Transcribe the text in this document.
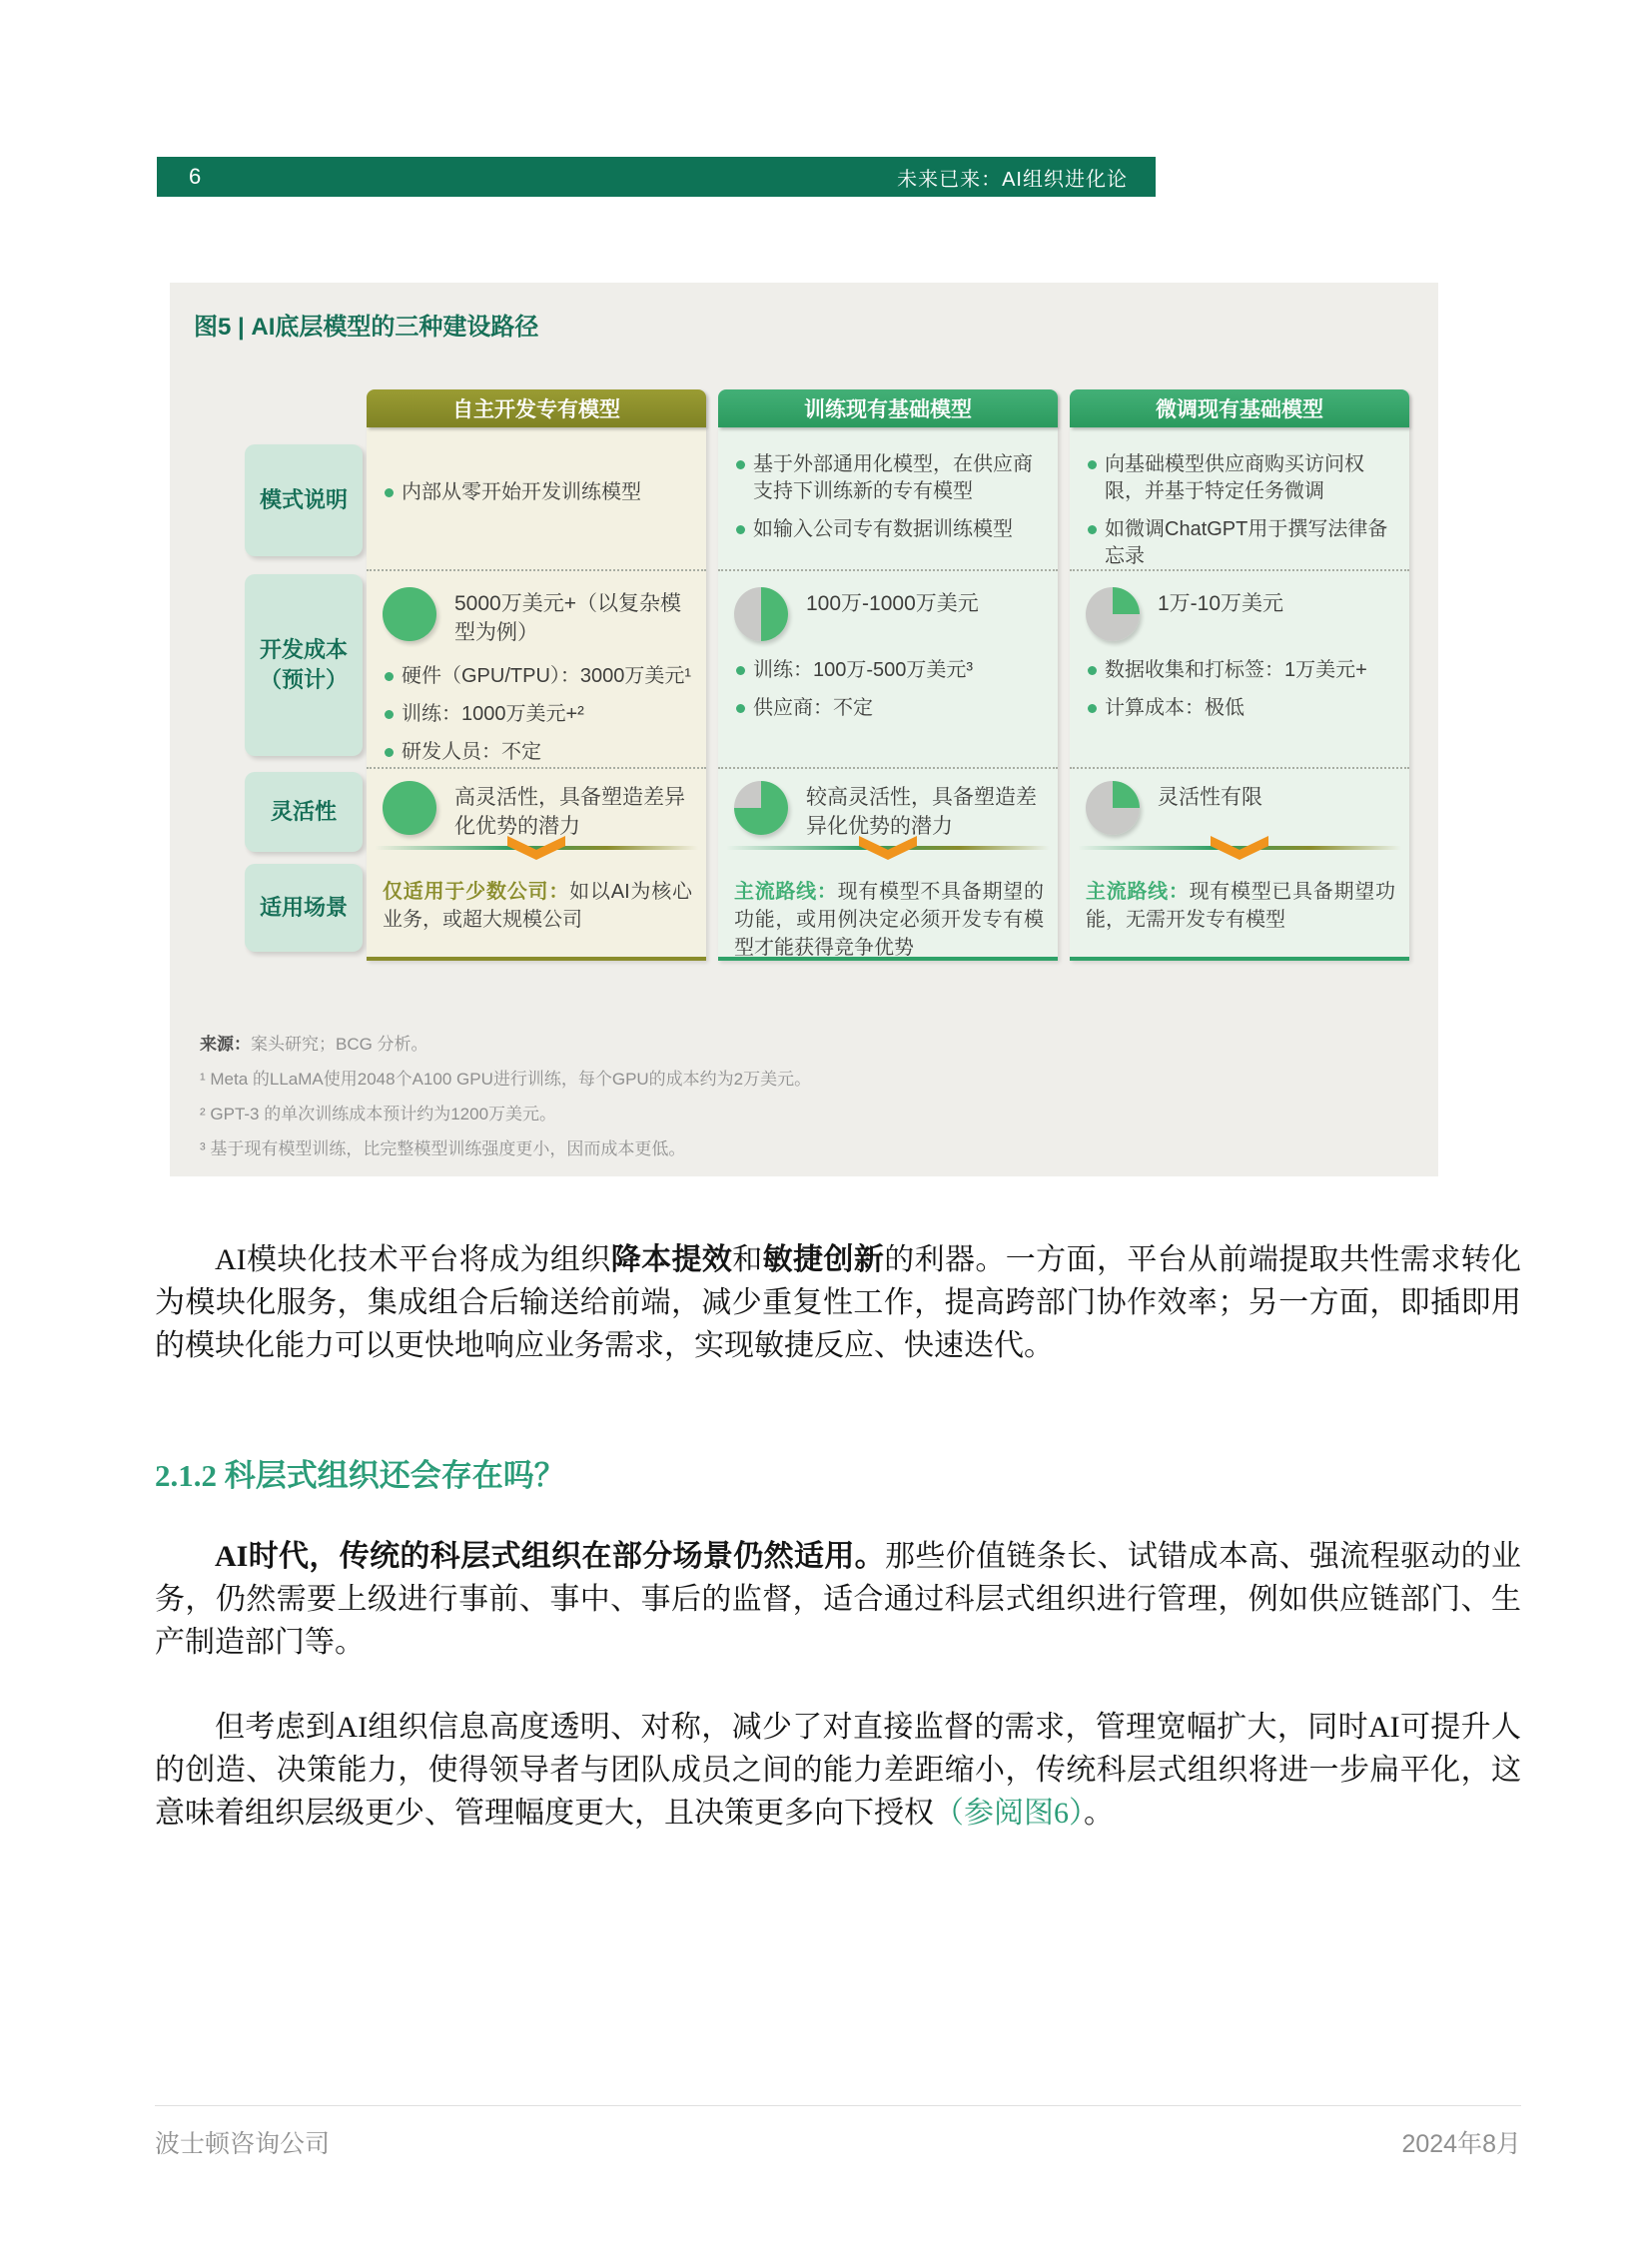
6	未来已来：AI组织进化论
图5 | AI底层模型的三种建设路径
模式说明
开发成本
（预计）
灵活性
适用场景
自主开发专有模型
内部从零开始开发训练模型
5000万美元+（以复杂模型为例）
硬件（GPU/TPU）：3000万美元¹
训练：1000万美元+²
研发人员：不定
高灵活性，具备塑造差异化优势的潜力
仅适用于少数公司：如以AI为核心业务，或超大规模公司
训练现有基础模型
基于外部通用化模型，在供应商支持下训练新的专有模型
如输入公司专有数据训练模型
100万-1000万美元
训练：100万-500万美元³
供应商：不定
较高灵活性，具备塑造差异化优势的潜力
主流路线：现有模型不具备期望的功能，或用例决定必须开发专有模型才能获得竞争优势
微调现有基础模型
向基础模型供应商购买访问权限，并基于特定任务微调
如微调ChatGPT用于撰写法律备忘录
1万-10万美元
数据收集和打标签：1万美元+
计算成本：极低
灵活性有限
主流路线：现有模型已具备期望功能，无需开发专有模型
来源：案头研究；BCG 分析。
¹ Meta 的LLaMA使用2048个A100 GPU进行训练，每个GPU的成本约为2万美元。
² GPT-3 的单次训练成本预计约为1200万美元。
³ 基于现有模型训练，比完整模型训练强度更小，因而成本更低。
AI模块化技术平台将成为组织降本提效和敏捷创新的利器。一方面，平台从前端提取共性需求转化为模块化服务，集成组合后输送给前端，减少重复性工作，提高跨部门协作效率；另一方面，即插即用的模块化能力可以更快地响应业务需求，实现敏捷反应、快速迭代。
2.1.2 科层式组织还会存在吗？
AI时代，传统的科层式组织在部分场景仍然适用。那些价值链条长、试错成本高、强流程驱动的业务，仍然需要上级进行事前、事中、事后的监督，适合通过科层式组织进行管理，例如供应链部门、生产制造部门等。
但考虑到AI组织信息高度透明、对称，减少了对直接监督的需求，管理宽幅扩大，同时AI可提升人的创造、决策能力，使得领导者与团队成员之间的能力差距缩小，传统科层式组织将进一步扁平化，这意味着组织层级更少、管理幅度更大，且决策更多向下授权（参阅图6）。
波士顿咨询公司	2024年8月
